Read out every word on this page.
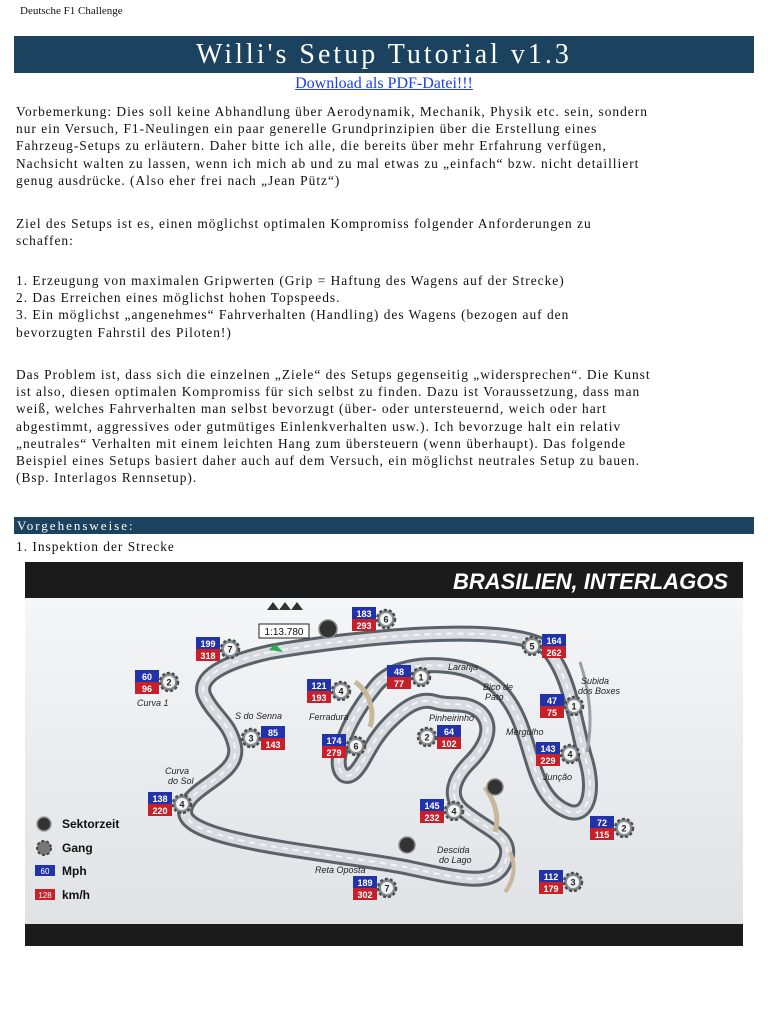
Deutsche F1 Challenge
Willi's Setup Tutorial v1.3
Download als PDF-Datei!!!
Vorbemerkung: Dies soll keine Abhandlung über Aerodynamik, Mechanik, Physik etc. sein, sondern
nur ein Versuch, F1-Neulingen ein paar generelle Grundprinzipien über die Erstellung eines
Fahrzeug-Setups zu erläutern. Daher bitte ich alle, die bereits über mehr Erfahrung verfügen,
Nachsicht walten zu lassen, wenn ich mich ab und zu mal etwas zu „einfach“ bzw. nicht detailliert
genug ausdrücke. (Also eher frei nach „Jean Pütz“)
Ziel des Setups ist es, einen möglichst optimalen Kompromiss folgender Anforderungen zu
schaffen:
1. Erzeugung von maximalen Gripwerten (Grip = Haftung des Wagens auf der Strecke)
2. Das Erreichen eines möglichst hohen Topspeeds.
3. Ein möglichst „angenehmes“ Fahrverhalten (Handling) des Wagens (bezogen auf den
bevorzugten Fahrstil des Piloten!)
Das Problem ist, dass sich die einzelnen „Ziele“ des Setups gegenseitig „widersprechen“. Die Kunst
ist also, diesen optimalen Kompromiss für sich selbst zu finden. Dazu ist Voraussetzung, dass man
weiß, welches Fahrverhalten man selbst bevorzugt (über- oder untersteuernd, weich oder hart
abgestimmt, aggressives oder gutmütiges Einlenkverhalten usw.). Ich bevorzuge halt ein relativ
„neutrales“ Verhalten mit einem leichten Hang zum übersteuern (wenn überhaupt). Das folgende
Beispiel eines Setups basiert daher auch auf dem Versuch, ein möglichst neutrales Setup zu bauen.
(Bsp. Interlagos Rennsetup).
Vorgehensweise:
1. Inspektion der Strecke
BRASILIEN, INTERLAGOS
1:13.780
Curva 1
S do Senna
Curva
do Sol
Reta Oposta
Descida
do Lago
Ferradura
Laranja
Pinheirinho
Bico de
Pato
Mergulho
Junção
Subida
dos Boxes
60
96
2
199
318
7
183
293
6
164
262
5
48
77
1
121
193
4
85
143
3	174
279
6
64
102
2
47
75
1
143
229
4
138
220
4	145
232
4
72
115
2
189
302
7
112
179
3
Sektorzeit
Gang
60 Mph
128 km/h
